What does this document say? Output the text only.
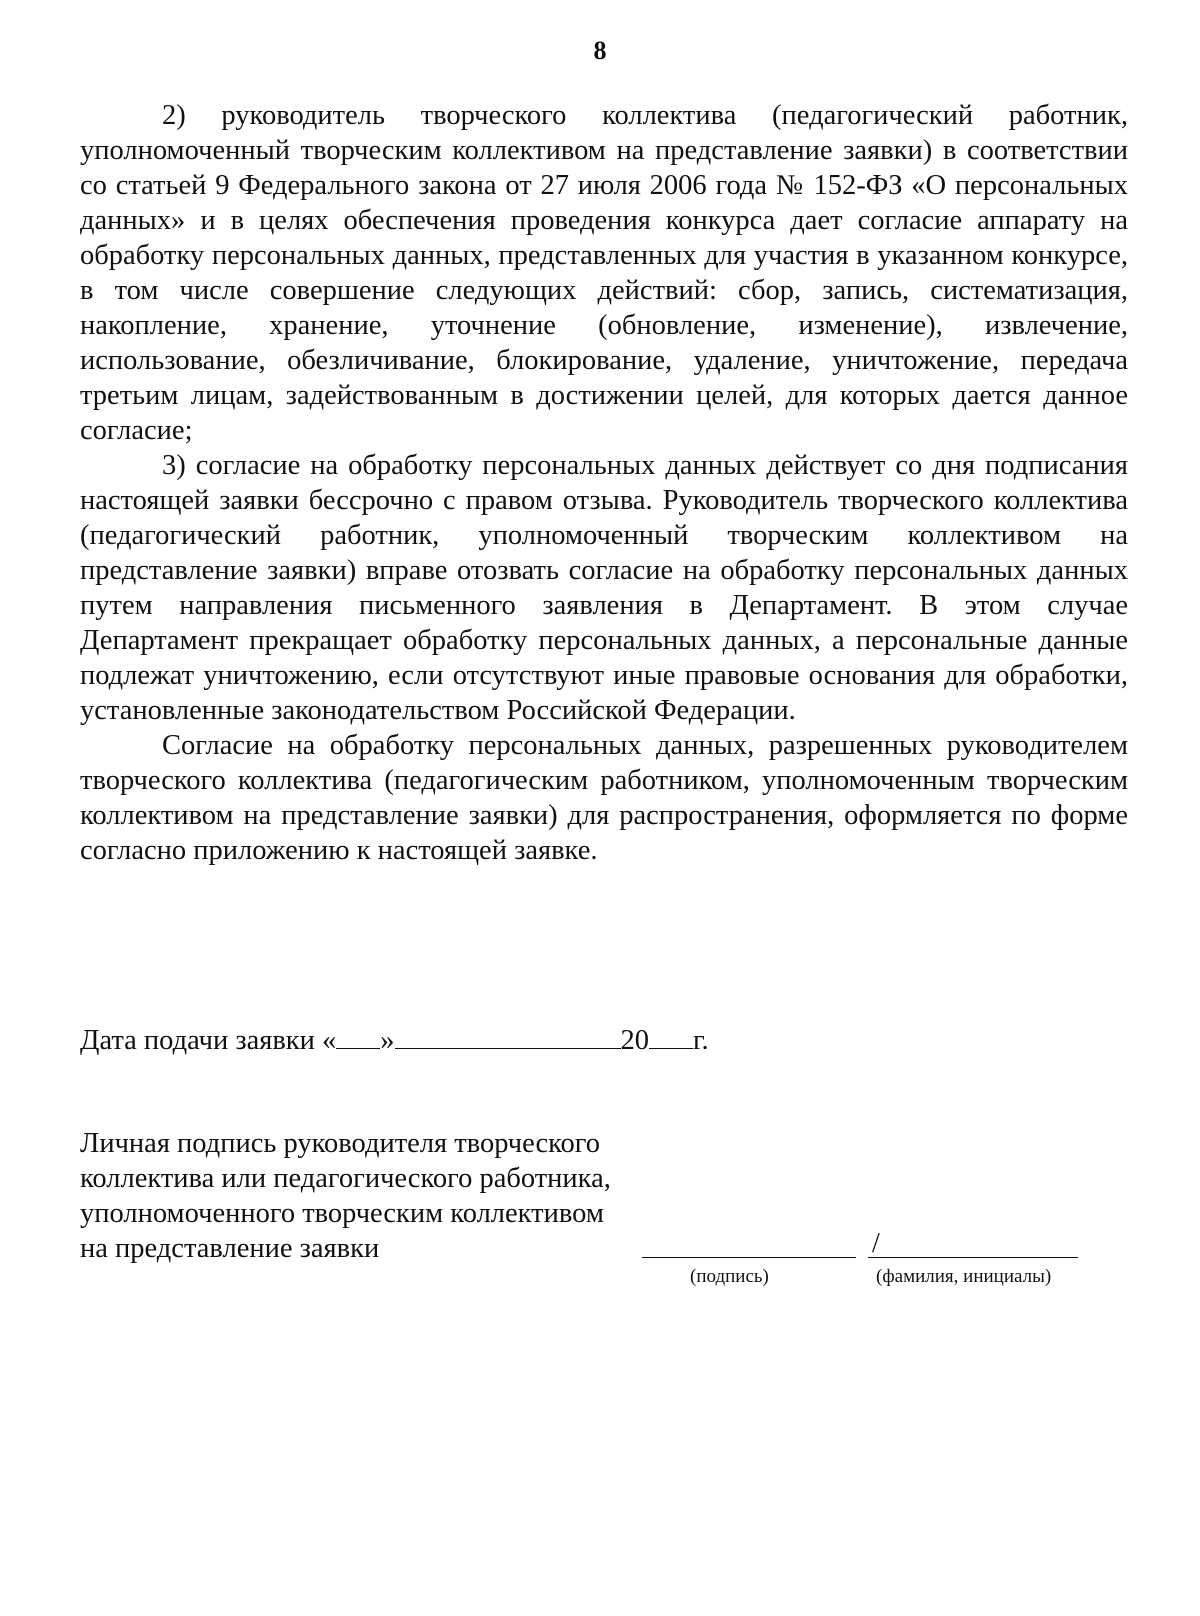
8

2) руководитель творческого коллектива (педагогический работник, уполномоченный творческим коллективом на представление заявки) в соответствии со статьей 9 Федерального закона от 27 июля 2006 года № 152-ФЗ «О персональных данных» и в целях обеспечения проведения конкурса дает согласие аппарату на обработку персональных данных, представленных для участия в указанном конкурсе, в том числе совершение следующих действий: сбор, запись, систематизация, накопление, хранение, уточнение (обновление, изменение), извлечение, использование, обезличивание, блокирование, удаление, уничтожение, передача третьим лицам, задействованным в достижении целей, для которых дается данное согласие;

3) согласие на обработку персональных данных действует со дня подписания настоящей заявки бессрочно с правом отзыва. Руководитель творческого коллектива (педагогический работник, уполномоченный творческим коллективом на представление заявки) вправе отозвать согласие на обработку персональных данных путем направления письменного заявления в Департамент. В этом случае Департамент прекращает обработку персональных данных, а персональные данные подлежат уничтожению, если отсутствуют иные правовые основания для обработки, установленные законодательством Российской Федерации.

Согласие на обработку персональных данных, разрешенных руководителем творческого коллектива (педагогическим работником, уполномоченным творческим коллективом на представление заявки) для распространения, оформляется по форме согласно приложению к настоящей заявке.

Дата подачи заявки « »	20 г.
Личная подпись руководителя творческого
коллектива или педагогического работника,
уполномоченного творческим коллективом
на представление заявки	/
(подпись)	(фамилия, инициалы)
